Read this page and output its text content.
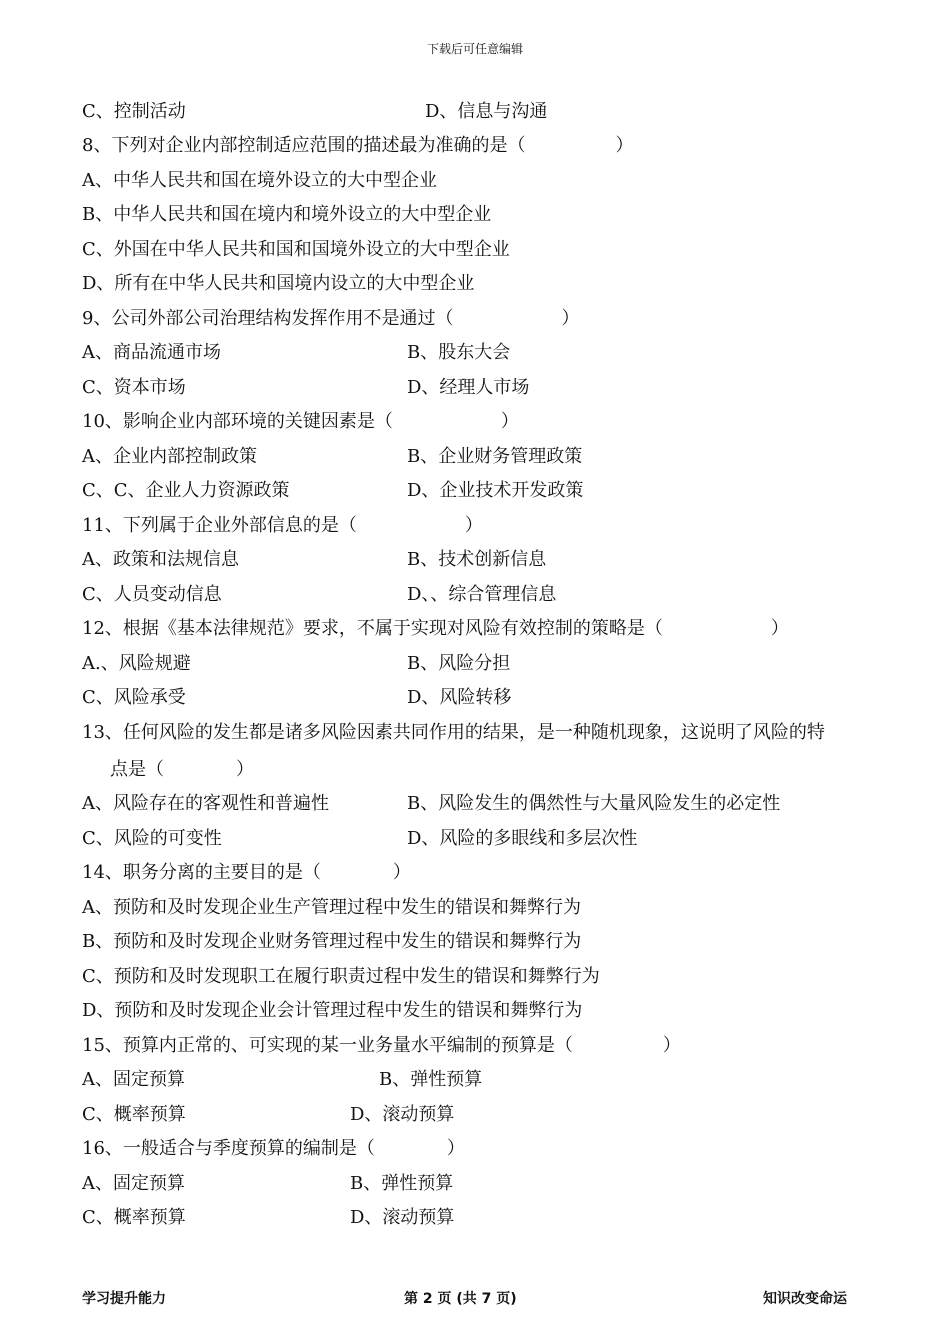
下载后可任意编辑
C、控制活动	D、信息与沟通
8、下列对企业内部控制适应范围的描述最为准确的是（　　　　　）
A、中华人民共和国在境外设立的大中型企业
B、中华人民共和国在境内和境外设立的大中型企业
C、外国在中华人民共和国和国境外设立的大中型企业
D、所有在中华人民共和国境内设立的大中型企业
9、公司外部公司治理结构发挥作用不是通过（　　　　　　）
A、商品流通市场	B、股东大会
C、资本市场	D、经理人市场
10、影响企业内部环境的关键因素是（　　　　　　）
A、企业内部控制政策	B、企业财务管理政策
C、C、企业人力资源政策	D、企业技术开发政策
11、下列属于企业外部信息的是（　　　　　　）
A、政策和法规信息	B、技术创新信息
C、人员变动信息	D、、综合管理信息
12、根据《基本法律规范》要求，不属于实现对风险有效控制的策略是（　　　　　　）
A.、风险规避	B、风险分担
C、风险承受	D、风险转移
13、任何风险的发生都是诸多风险因素共同作用的结果，是一种随机现象，这说明了风险的特
点是（　　　　）
A、风险存在的客观性和普遍性	B、风险发生的偶然性与大量风险发生的必定性
C、风险的可变性	D、风险的多眼线和多层次性
14、职务分离的主要目的是（　　　　）
A、预防和及时发现企业生产管理过程中发生的错误和舞弊行为
B、预防和及时发现企业财务管理过程中发生的错误和舞弊行为
C、预防和及时发现职工在履行职责过程中发生的错误和舞弊行为
D、预防和及时发现企业会计管理过程中发生的错误和舞弊行为
15、预算内正常的、可实现的某一业务量水平编制的预算是（　　　　　）
A、固定预算	B、弹性预算
C、概率预算	D、滚动预算
16、一般适合与季度预算的编制是（　　　　）
A、固定预算	B、弹性预算
C、概率预算	D、滚动预算
学习提升能力	第 2 页 (共 7 页)	知识改变命运
